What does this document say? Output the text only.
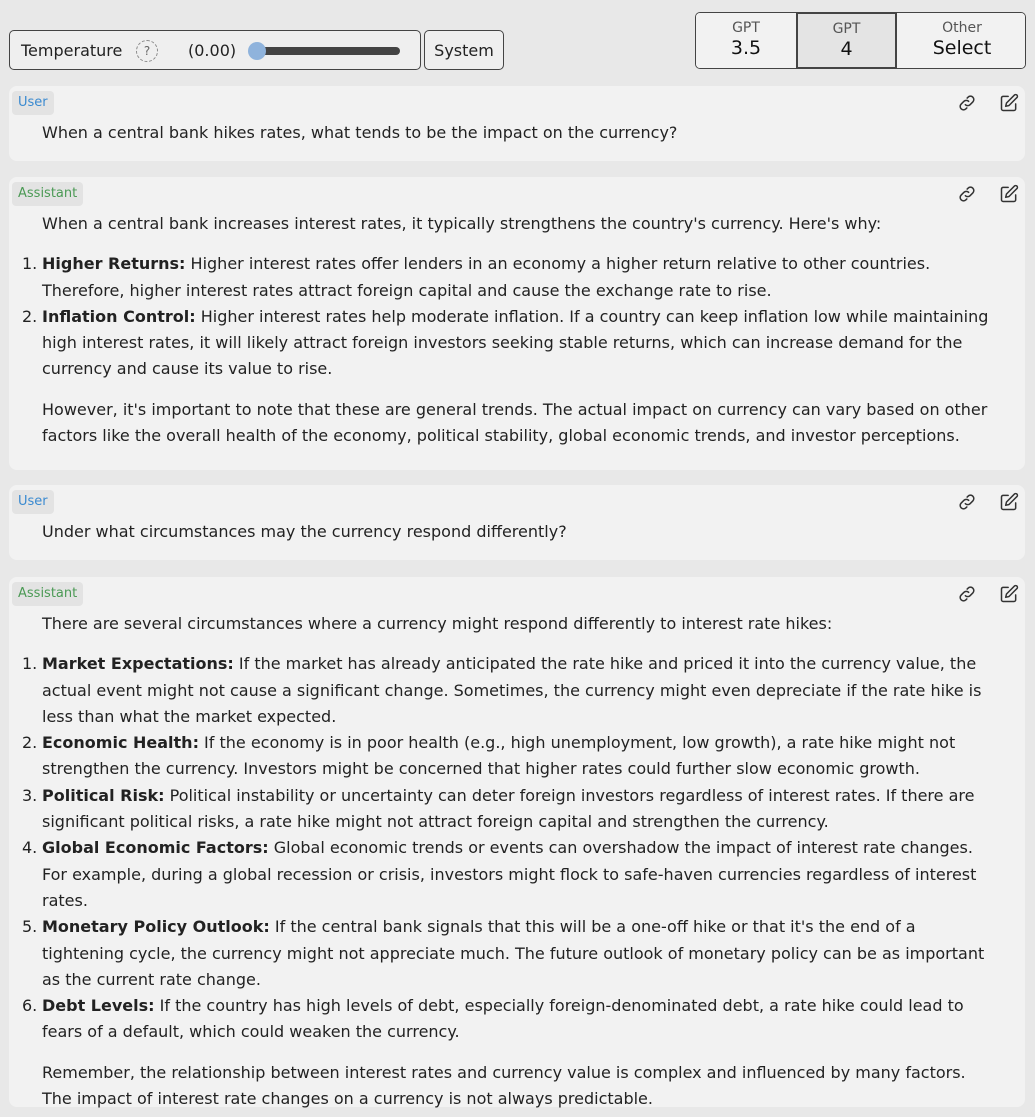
Temperature	?	(0.00)	System
GPT
3.5
GPT
4
Other
Select
User
When a central bank hikes rates, what tends to be the impact on the currency?
Assistant

When a central bank increases interest rates, it typically strengthens the country's currency. Here's why:

1. Higher Returns: Higher interest rates offer lenders in an economy a higher return relative to other countries. Therefore, higher interest rates attract foreign capital and cause the exchange rate to rise.
2. Inflation Control: Higher interest rates help moderate inflation. If a country can keep inflation low while maintaining high interest rates, it will likely attract foreign investors seeking stable returns, which can increase demand for the currency and cause its value to rise.

However, it's important to note that these are general trends. The actual impact on currency can vary based on other factors like the overall health of the economy, political stability, global economic trends, and investor perceptions.

User
Under what circumstances may the currency respond differently?
Assistant

There are several circumstances where a currency might respond differently to interest rate hikes:

1. Market Expectations: If the market has already anticipated the rate hike and priced it into the currency value, the actual event might not cause a significant change. Sometimes, the currency might even depreciate if the rate hike is less than what the market expected.
2. Economic Health: If the economy is in poor health (e.g., high unemployment, low growth), a rate hike might not strengthen the currency. Investors might be concerned that higher rates could further slow economic growth.
3. Political Risk: Political instability or uncertainty can deter foreign investors regardless of interest rates. If there are significant political risks, a rate hike might not attract foreign capital and strengthen the currency.
4. Global Economic Factors: Global economic trends or events can overshadow the impact of interest rate changes. For example, during a global recession or crisis, investors might flock to safe-haven currencies regardless of interest rates.
5. Monetary Policy Outlook: If the central bank signals that this will be a one-off hike or that it's the end of a tightening cycle, the currency might not appreciate much. The future outlook of monetary policy can be as important as the current rate change.
6. Debt Levels: If the country has high levels of debt, especially foreign-denominated debt, a rate hike could lead to fears of a default, which could weaken the currency.

Remember, the relationship between interest rates and currency value is complex and influenced by many factors. The impact of interest rate changes on a currency is not always predictable.
